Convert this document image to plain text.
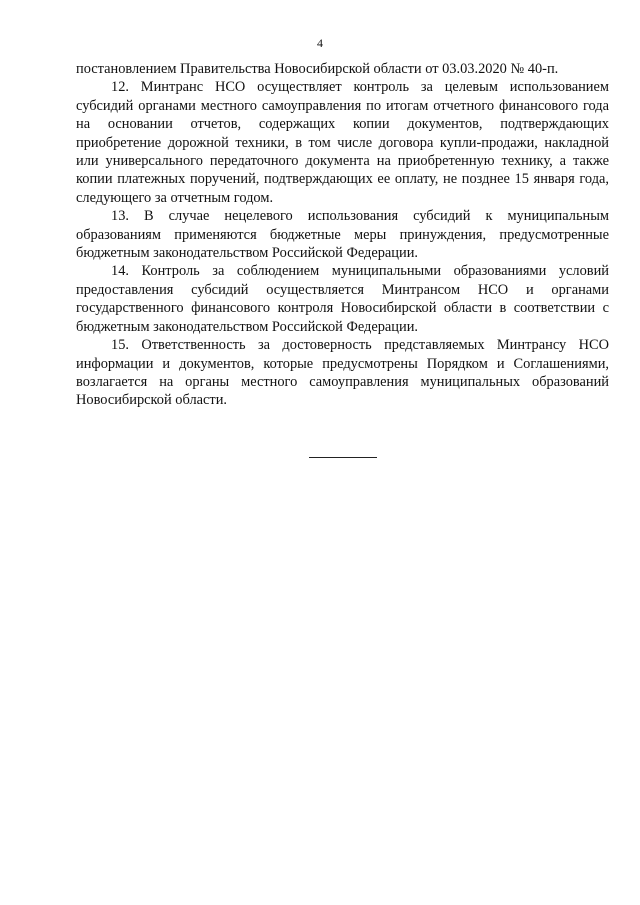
4

постановлением Правительства Новосибирской области от 03.03.2020 № 40-п.

12. Минтранс НСО осуществляет контроль за целевым использованием субсидий органами местного самоуправления по итогам отчетного финансового года на основании отчетов, содержащих копии документов, подтверждающих приобретение дорожной техники, в том числе договора купли-продажи, накладной или универсального передаточного документа на приобретенную технику, а также копии платежных поручений, подтверждающих ее оплату, не позднее 15 января года, следующего за отчетным годом.

13. В случае нецелевого использования субсидий к муниципальным образованиям применяются бюджетные меры принуждения, предусмотренные бюджетным законодательством Российской Федерации.

14. Контроль за соблюдением муниципальными образованиями условий предоставления субсидий осуществляется Минтрансом НСО и органами государственного финансового контроля Новосибирской области в соответствии с бюджетным законодательством Российской Федерации.

15. Ответственность за достоверность представляемых Минтрансу НСО информации и документов, которые предусмотрены Порядком и Соглашениями, возлагается на органы местного самоуправления муниципальных образований Новосибирской области.
